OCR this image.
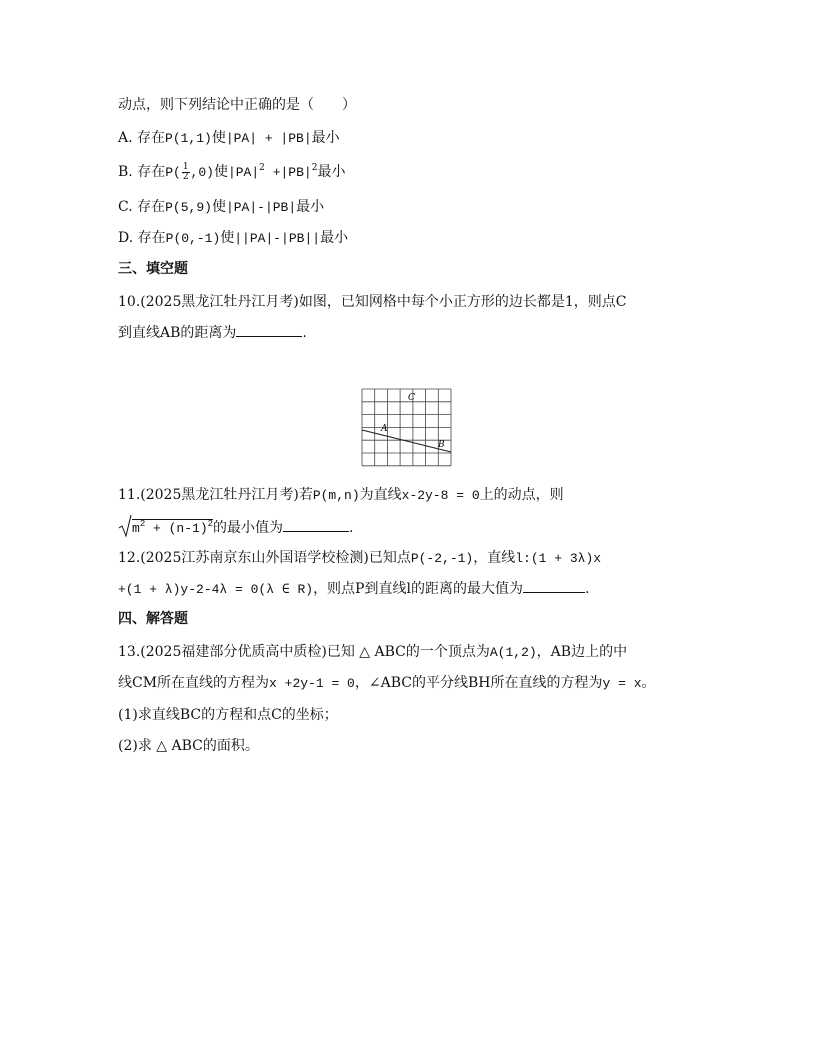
动点，则下列结论中正确的是（　　）
A. 存在P(1,1)使|PA| + |PB|最小
B. 存在$P( \frac{1}{2} ,0)$使$|PA|^2 +|PB|^2$最小
C. 存在P(5,9)使|PA|-|PB|最小
D. 存在P(0,-1)使||PA|-|PB||最小
三、填空题
10.(2025黑龙江牡丹江月考)如图，已知网格中每个小正方形的边长都是1，则点C
到直线AB的距离为	.
C
A
B
11.(2025黑龙江牡丹江月考)若P(m,n)为直线x-2y-8 = 0上的动点，则
$m^2 + (n-1)^2$的最小值为	.
12.(2025江苏南京东山外国语学校检测)已知点P(-2,-1)，直线l:(1 + 3λ)x
+(1 + λ)y-2-4λ = 0(λ ∈ R)，则点P到直线l的距离的最大值为	.
四、解答题
13.(2025福建部分优质高中质检)已知 △ ABC的一个顶点为A(1,2)，AB边上的中
线CM所在直线的方程为x +2y-1 = 0，∠ABC的平分线BH所在直线的方程为y = x。
(1)求直线BC的方程和点C的坐标；
(2)求 △ ABC的面积。
